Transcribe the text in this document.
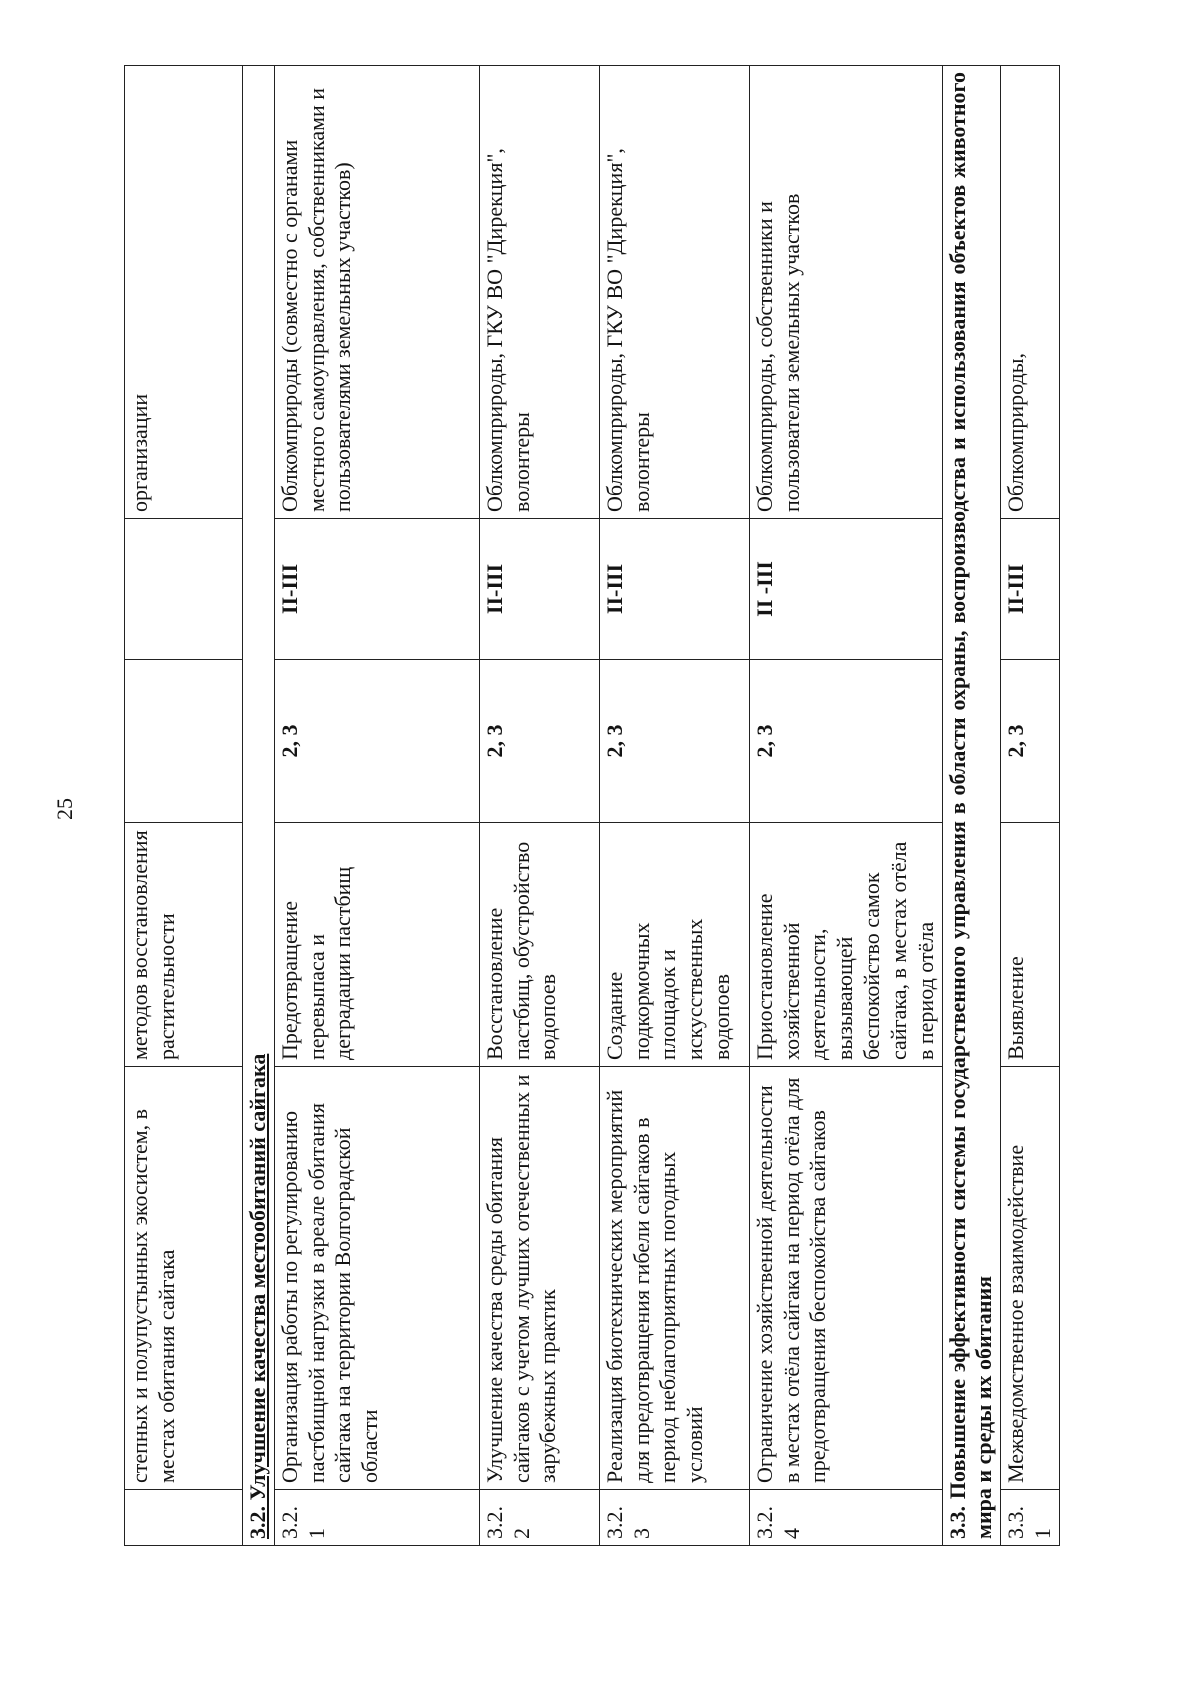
25
	степных и полупустынных экосистем, в местах обитания сайгака	методов восстановления растительности			организации
3.2. Улучшение качества местообитаний сайгака					
3.2.1	Организация работы по регулированию пастбищной нагрузки в ареале обитания сайгака на территории Волгоградской области	Предотвращение перевыпаса и деградации пастбищ	2, 3	II-III	Облкомприроды (совместно с органами местного самоуправления, собственниками и пользователями земельных участков)
3.2.2	Улучшение качества среды обитания сайгаков с учетом лучших отечественных и зарубежных практик	Восстановление пастбищ, обустройство водопоев	2, 3	II-III	Облкомприроды, ГКУ ВО "Дирекция", волонтеры
3.2.3	Реализация биотехнических мероприятий для предотвращения гибели сайгаков в период неблагоприятных погодных условий	Создание подкормочных площадок и искусственных водопоев	2, 3	II-III	Облкомприроды, ГКУ ВО "Дирекция", волонтеры
3.2.4	Ограничение хозяйственной деятельности в местах отёла сайгака на период отёла для предотвращения беспокойства сайгаков	Приостановление хозяйственной деятельности, вызывающей беспокойство самок сайгака, в местах отёла в период отёла	2, 3	II -III	Облкомприроды, собственники и пользователи земельных участков
3.3. Повышение эффективности системы государственного управления в области охраны, воспроизводства и использования объектов животного мира и среды их обитания					
3.3.1	Межведомственное взаимодействие	Выявление	2, 3	II-III	Облкомприроды,
